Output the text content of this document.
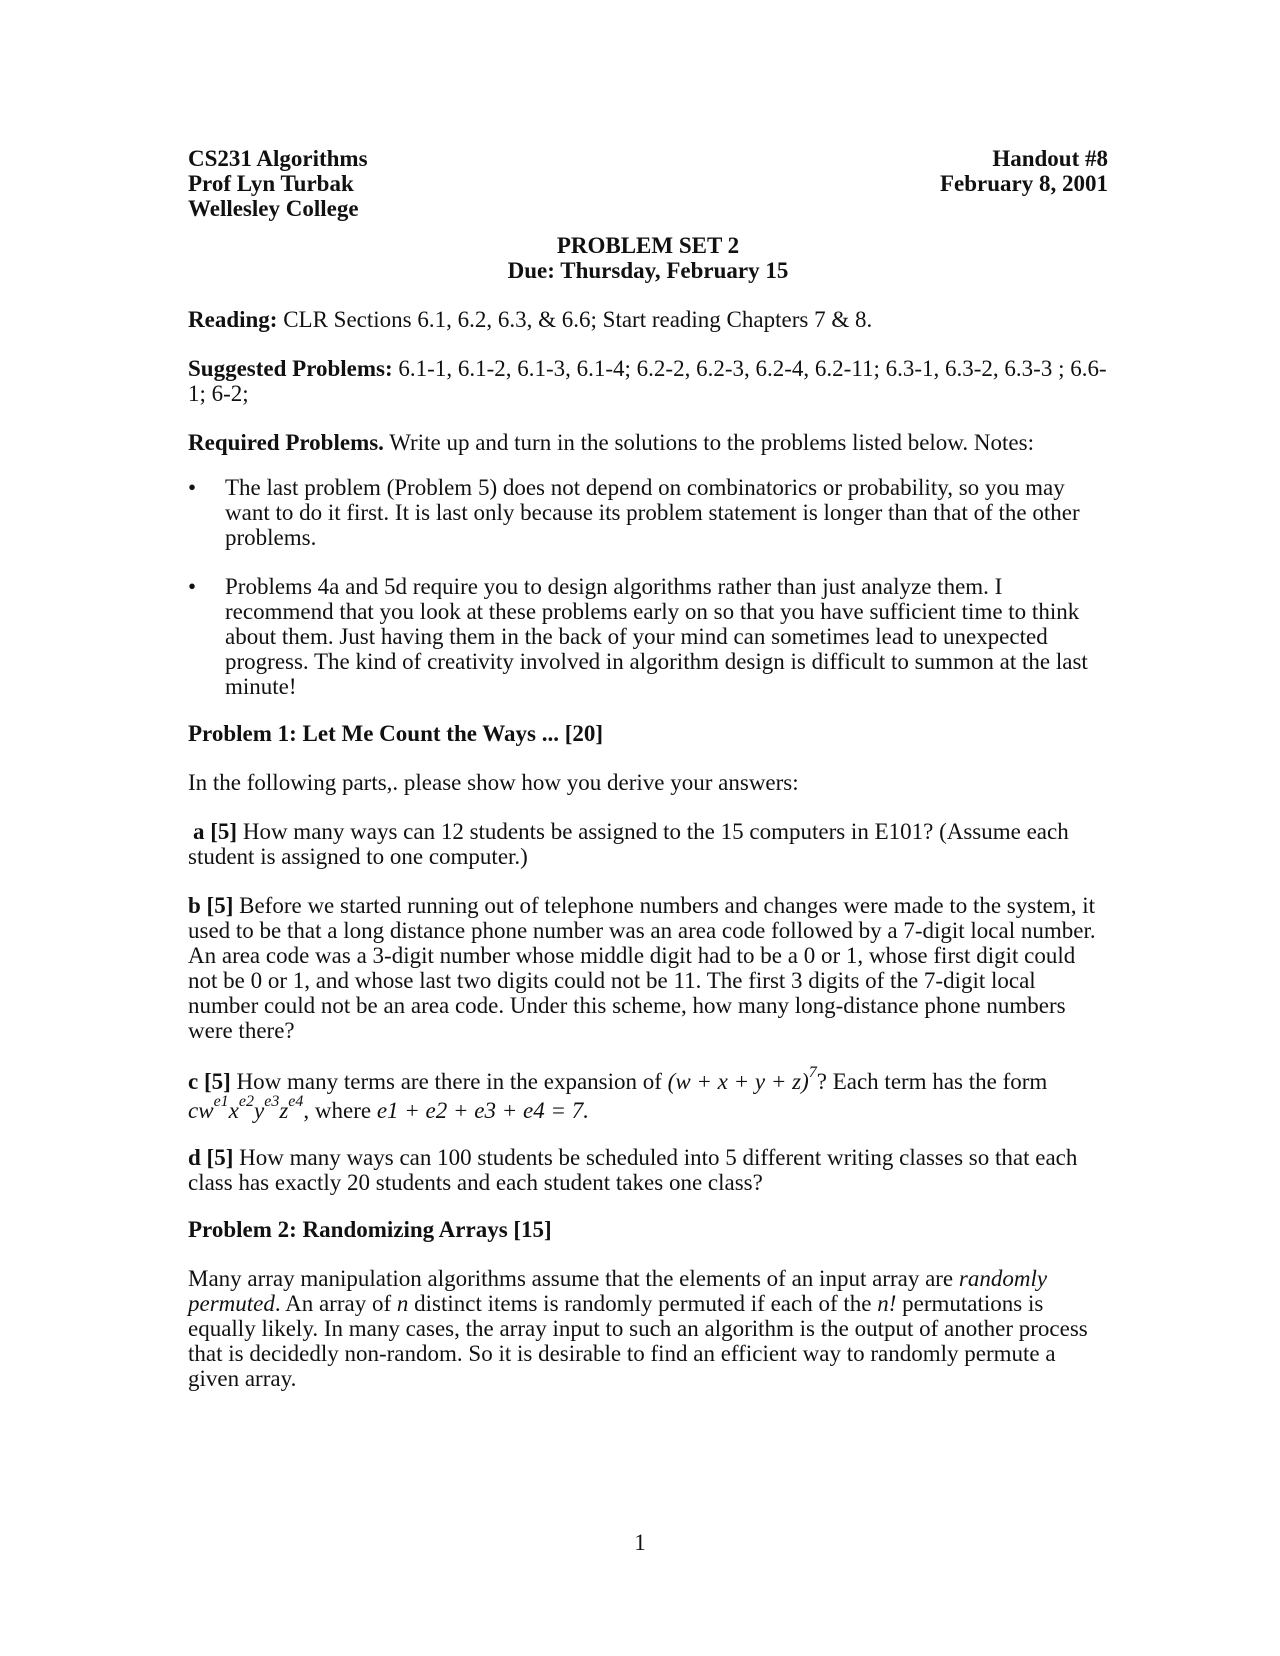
CS231 Algorithms
Prof Lyn Turbak
Wellesley College
Handout #8
February 8, 2001
PROBLEM SET 2
Due: Thursday, February 15

Reading: CLR Sections 6.1, 6.2, 6.3, & 6.6; Start reading Chapters 7 & 8.

Suggested Problems: 6.1-1, 6.1-2, 6.1-3, 6.1-4; 6.2-2, 6.2-3, 6.2-4, 6.2-11; 6.3-1, 6.3-2, 6.3-3 ; 6.6-1; 6-2;

Required Problems. Write up and turn in the solutions to the problems listed below. Notes:

• The last problem (Problem 5) does not depend on combinatorics or probability, so you may want to do it first. It is last only because its problem statement is longer than that of the other problems.
• Problems 4a and 5d require you to design algorithms rather than just analyze them. I recommend that you look at these problems early on so that you have sufficient time to think about them. Just having them in the back of your mind can sometimes lead to unexpected progress. The kind of creativity involved in algorithm design is difficult to summon at the last minute!

Problem 1: Let Me Count the Ways ... [20]

In the following parts,. please show how you derive your answers:

a [5] How many ways can 12 students be assigned to the 15 computers in E101? (Assume each student is assigned to one computer.)

b [5] Before we started running out of telephone numbers and changes were made to the system, it used to be that a long distance phone number was an area code followed by a 7-digit local number. An area code was a 3-digit number whose middle digit had to be a 0 or 1, whose first digit could not be 0 or 1, and whose last two digits could not be 11. The first 3 digits of the 7-digit local number could not be an area code. Under this scheme, how many long-distance phone numbers were there?

c [5] How many terms are there in the expansion of $(w + x + y + z)^7$? Each term has the form $cw^{e1}x^{e2}y^{e3}z^{e4}$, where e1 + e2 + e3 + e4 = 7.

d [5] How many ways can 100 students be scheduled into 5 different writing classes so that each class has exactly 20 students and each student takes one class?

Problem 2: Randomizing Arrays [15]

Many array manipulation algorithms assume that the elements of an input array are randomly permuted. An array of n distinct items is randomly permuted if each of the n! permutations is equally likely. In many cases, the array input to such an algorithm is the output of another process that is decidedly non-random. So it is desirable to find an efficient way to randomly permute a given array.

1
